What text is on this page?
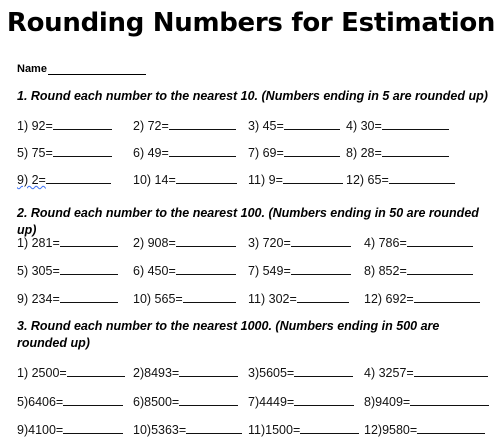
Rounding Numbers for Estimation
Name
1. Round each number to the nearest 10. (Numbers ending in 5 are rounded up)
1) 92=	2) 72=	3) 45=	4) 30=
5) 75=	6) 49=	7) 69=	8) 28=
9) 2=	10) 14=	11) 9=	12) 65=
2. Round each number to the nearest 100. (Numbers ending in 50 are rounded up)
1) 281=	2) 908=	3) 720=	4) 786=
5) 305=	6) 450=	7) 549=	8) 852=
9) 234=	10) 565=	11) 302=	12) 692=
3. Round each number to the nearest 1000. (Numbers ending in 500 are rounded up)
1) 2500=	2)8493=	3)5605=	4) 3257=
5)6406=	6)8500=	7)4449=	8)9409=
9)4100=	10)5363=	11)1500=	12)9580=
